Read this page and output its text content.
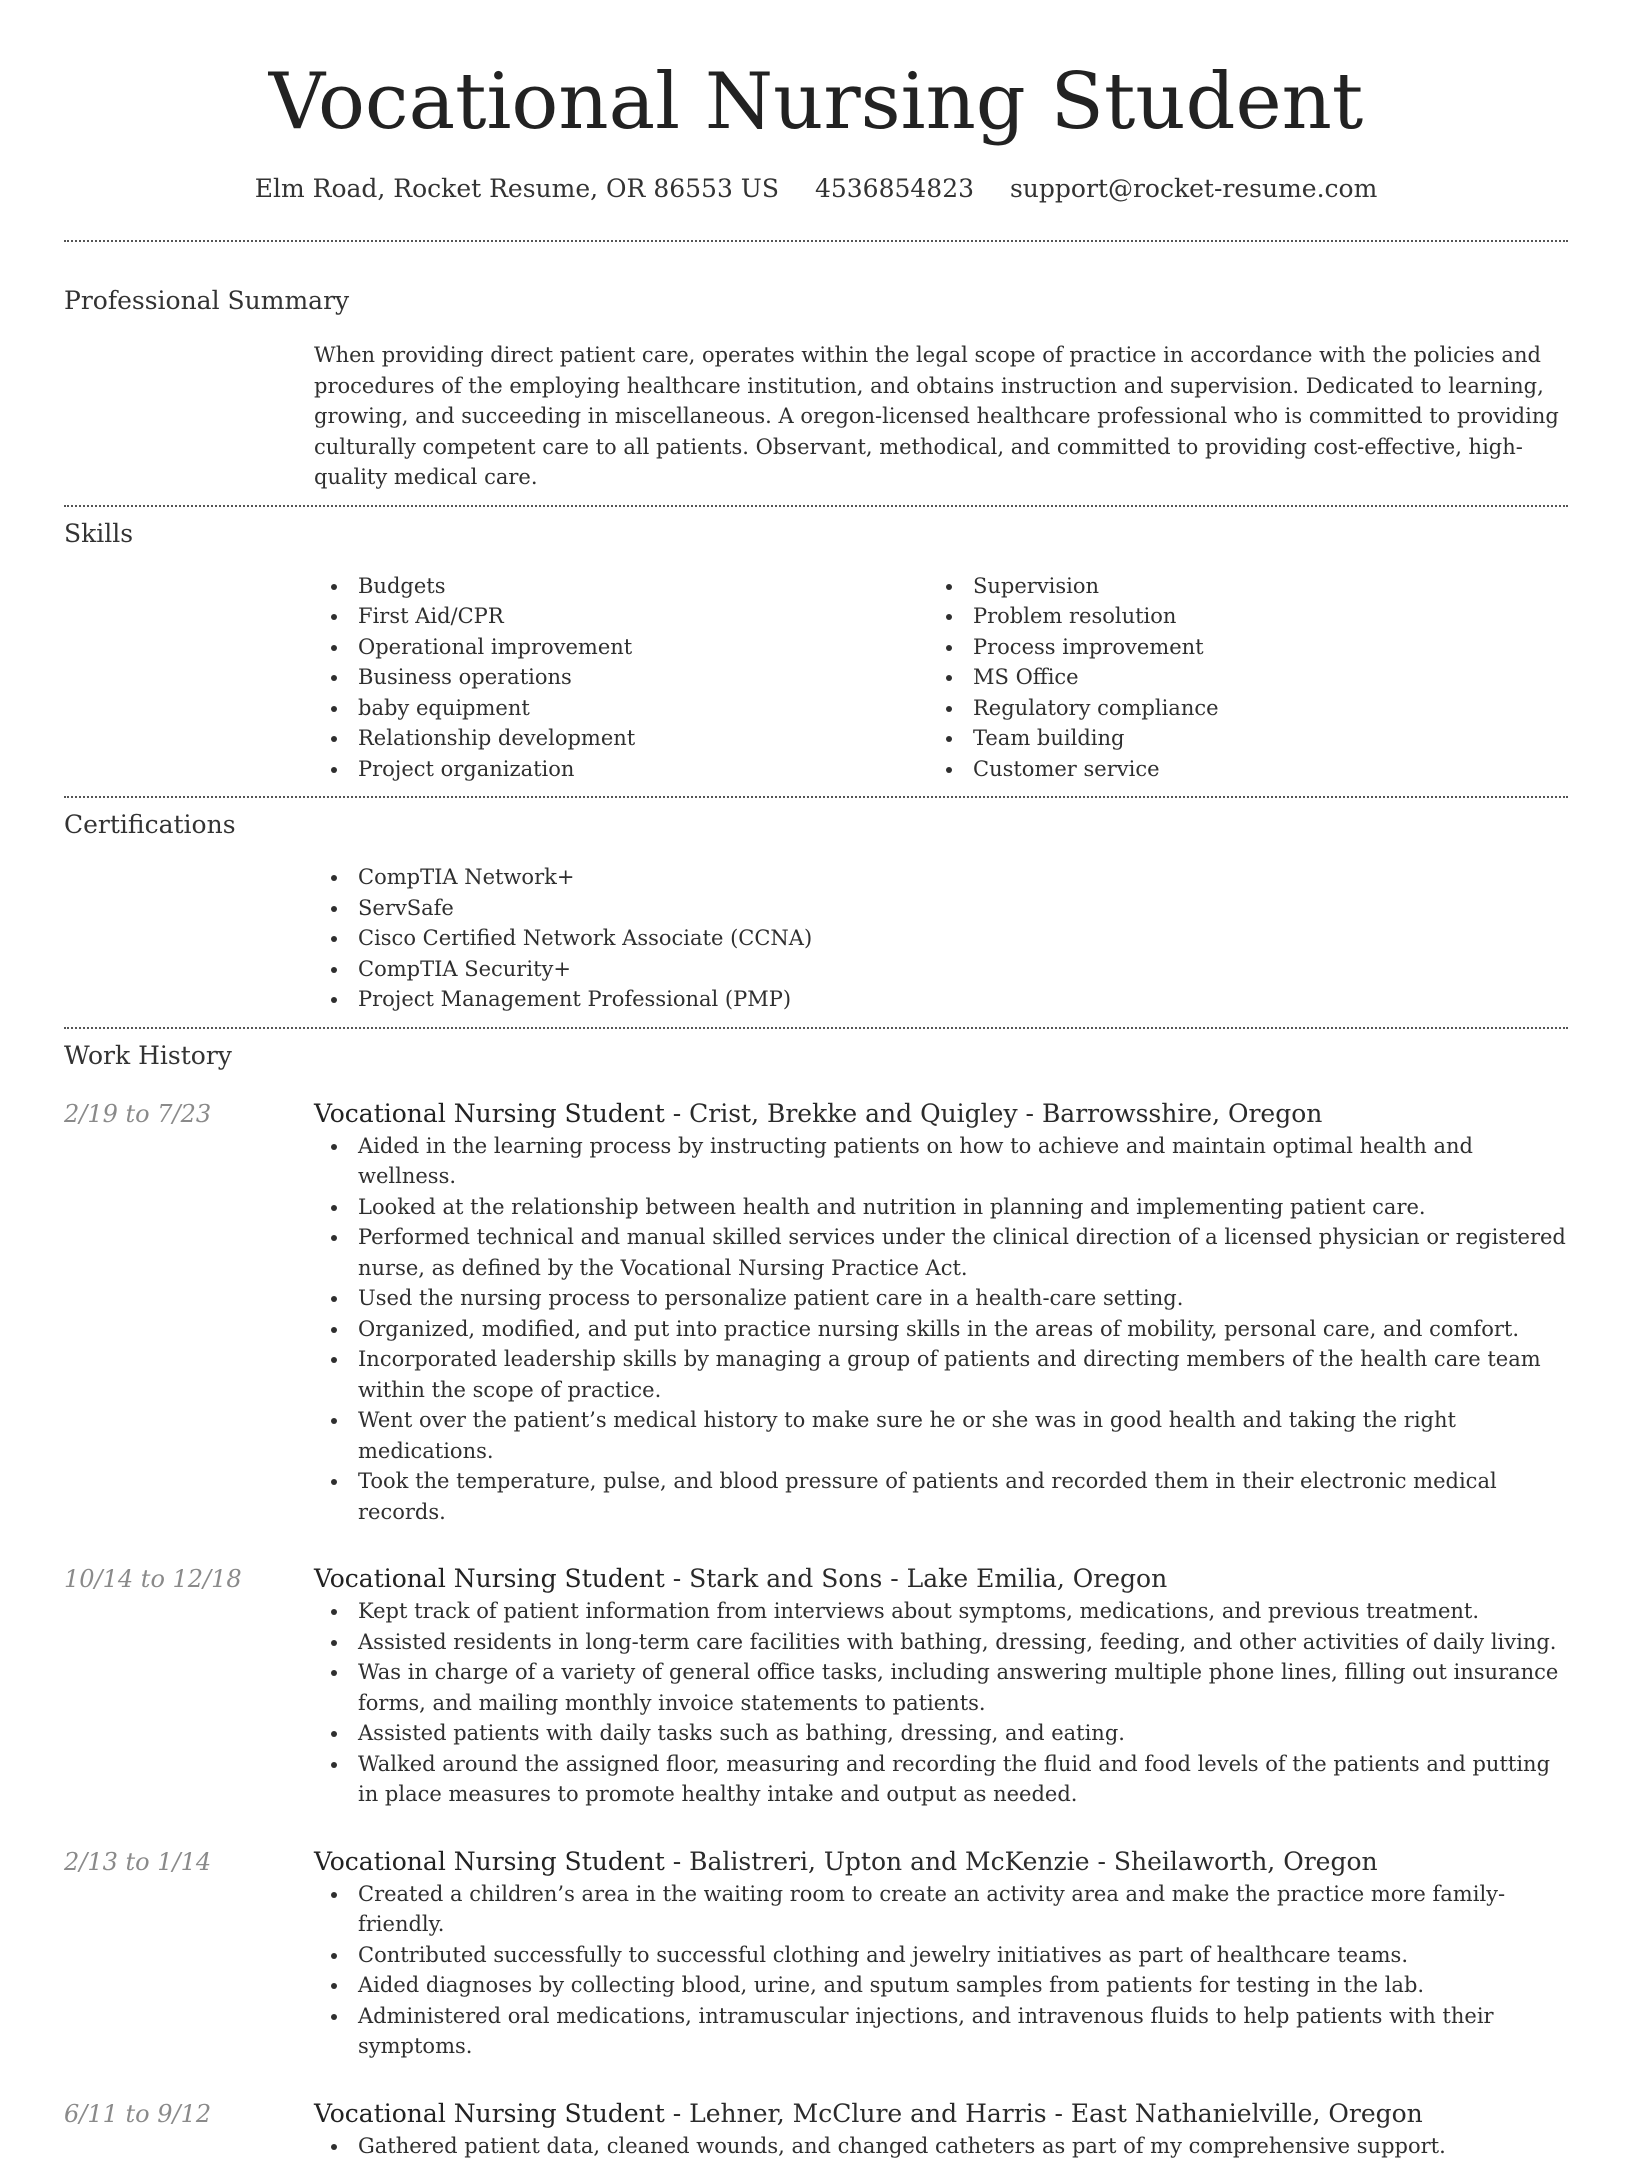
Vocational Nursing Student
Elm Road, Rocket Resume, OR 86553 US 4536854823 support@rocket-resume.com
Professional Summary
When providing direct patient care, operates within the legal scope of practice in accordance with the policies and procedures of the employing healthcare institution, and obtains instruction and supervision. Dedicated to learning, growing, and succeeding in miscellaneous. A oregon-licensed healthcare professional who is committed to providing culturally competent care to all patients. Observant, methodical, and committed to providing cost-effective, high-quality medical care.
Skills
Budgets
First Aid/CPR
Operational improvement
Business operations
baby equipment
Relationship development
Project organization
Supervision
Problem resolution
Process improvement
MS Office
Regulatory compliance
Team building
Customer service
Certifications
CompTIA Network+
ServSafe
Cisco Certified Network Associate (CCNA)
CompTIA Security+
Project Management Professional (PMP)
Work History
2/19 to 7/23	Vocational Nursing Student - Crist, Brekke and Quigley - Barrowsshire, Oregon
Aided in the learning process by instructing patients on how to achieve and maintain optimal health and wellness.
Looked at the relationship between health and nutrition in planning and implementing patient care.
Performed technical and manual skilled services under the clinical direction of a licensed physician or registered nurse, as defined by the Vocational Nursing Practice Act.
Used the nursing process to personalize patient care in a health-care setting.
Organized, modified, and put into practice nursing skills in the areas of mobility, personal care, and comfort.
Incorporated leadership skills by managing a group of patients and directing members of the health care team within the scope of practice.
Went over the patient’s medical history to make sure he or she was in good health and taking the right medications.
Took the temperature, pulse, and blood pressure of patients and recorded them in their electronic medical records.
10/14 to 12/18	Vocational Nursing Student - Stark and Sons - Lake Emilia, Oregon
Kept track of patient information from interviews about symptoms, medications, and previous treatment.
Assisted residents in long-term care facilities with bathing, dressing, feeding, and other activities of daily living.
Was in charge of a variety of general office tasks, including answering multiple phone lines, filling out insurance forms, and mailing monthly invoice statements to patients.
Assisted patients with daily tasks such as bathing, dressing, and eating.
Walked around the assigned floor, measuring and recording the fluid and food levels of the patients and putting in place measures to promote healthy intake and output as needed.
2/13 to 1/14	Vocational Nursing Student - Balistreri, Upton and McKenzie - Sheilaworth, Oregon
Created a children’s area in the waiting room to create an activity area and make the practice more family-friendly.
Contributed successfully to successful clothing and jewelry initiatives as part of healthcare teams.
Aided diagnoses by collecting blood, urine, and sputum samples from patients for testing in the lab.
Administered oral medications, intramuscular injections, and intravenous fluids to help patients with their symptoms.
6/11 to 9/12	Vocational Nursing Student - Lehner, McClure and Harris - East Nathanielville, Oregon
Gathered patient data, cleaned wounds, and changed catheters as part of my comprehensive support.
